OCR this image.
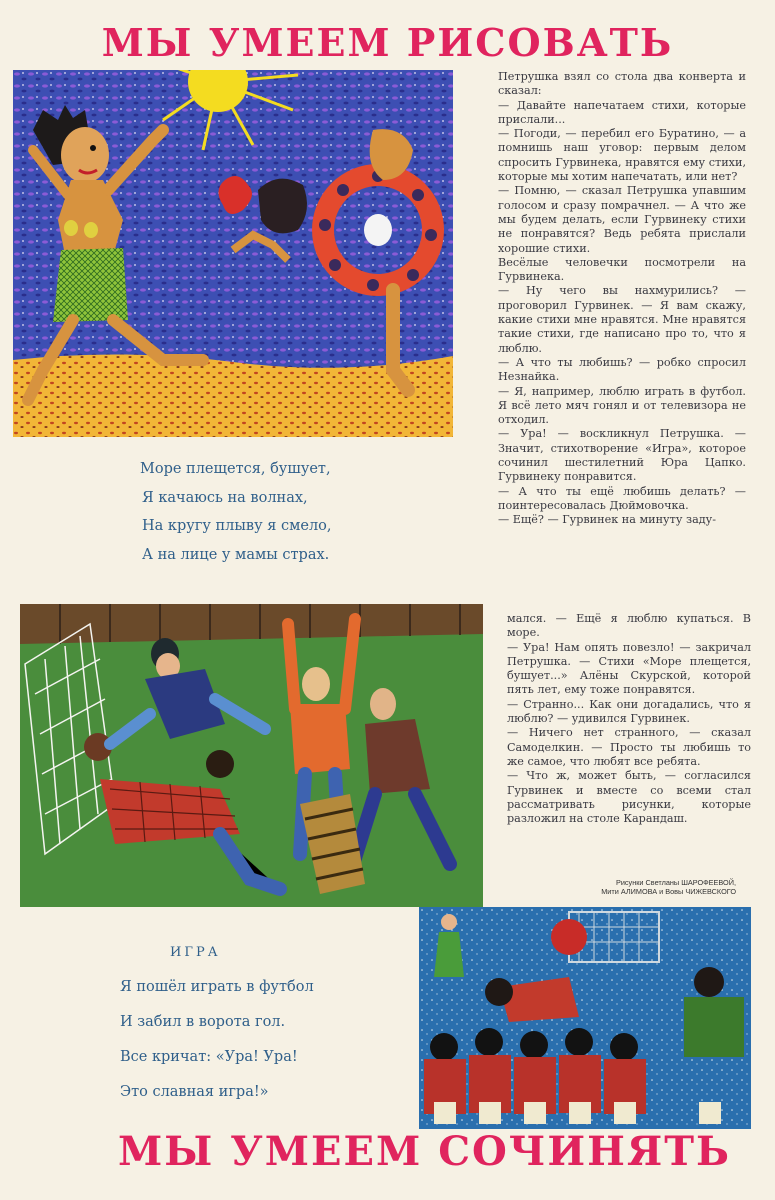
МЫ УМЕЕМ РИСОВАТЬ
Море плещется, бушует,
Я качаюсь на волнах,
На кругу плыву я смело,
А на лице у мамы страх.

Петрушка взял со стола два конверта и сказал:

— Давайте напечатаем стихи, которые прислали...

— Погоди, — перебил его Буратино, — а помнишь наш уговор: первым делом спросить Гурвинека, нравятся ему стихи, которые мы хотим напечатать, или нет?

— Помню, — сказал Петрушка упавшим голосом и сразу помрачнел. — А что же мы будем делать, если Гурвинеку стихи не понравятся? Ведь ребята прислали хорошие стихи.

Весёлые человечки посмотрели на Гурвинека.

— Ну чего вы нахмурились? — проговорил Гурвинек. — Я вам скажу, какие стихи мне нравятся. Мне нравятся такие стихи, где написано про то, что я люблю.

— А что ты любишь? — робко спросил Незнайка.

— Я, например, люблю играть в футбол. Я всё лето мяч гонял и от телевизора не отходил.

— Ура! — воскликнул Петрушка. — Значит, стихотворение «Игра», которое сочинил шестилетний Юра Цапко. Гурвинеку понравится.

— А что ты ещё любишь делать? — поинтересовалась Дюймовочка.

— Ещё? — Гурвинек на минуту заду-

мался. — Ещё я люблю купаться. В море.

— Ура! Нам опять повезло! — закричал Петрушка. — Стихи «Море плещется, бушует...» Алёны Скурской, которой пять лет, ему тоже понравятся.

— Странно... Как они догадались, что я люблю? — удивился Гурвинек.

— Ничего нет странного, — сказал Самоделкин. — Просто ты любишь то же самое, что любят все ребята.

— Что ж, может быть, — согласился Гурвинек и вместе со всеми стал рассматривать рисунки, которые разложил на столе Карандаш.

Рисунки Светланы ШАРОФЕЕВОЙ,
Мити АЛИМОВА и Вовы ЧИЖЕВСКОГО
ИГРА
Я пошёл играть в футбол
И забил в ворота гол.
Все кричат: «Ура! Ура!
Это славная игра!»
МЫ УМЕЕМ СОЧИНЯТЬ
